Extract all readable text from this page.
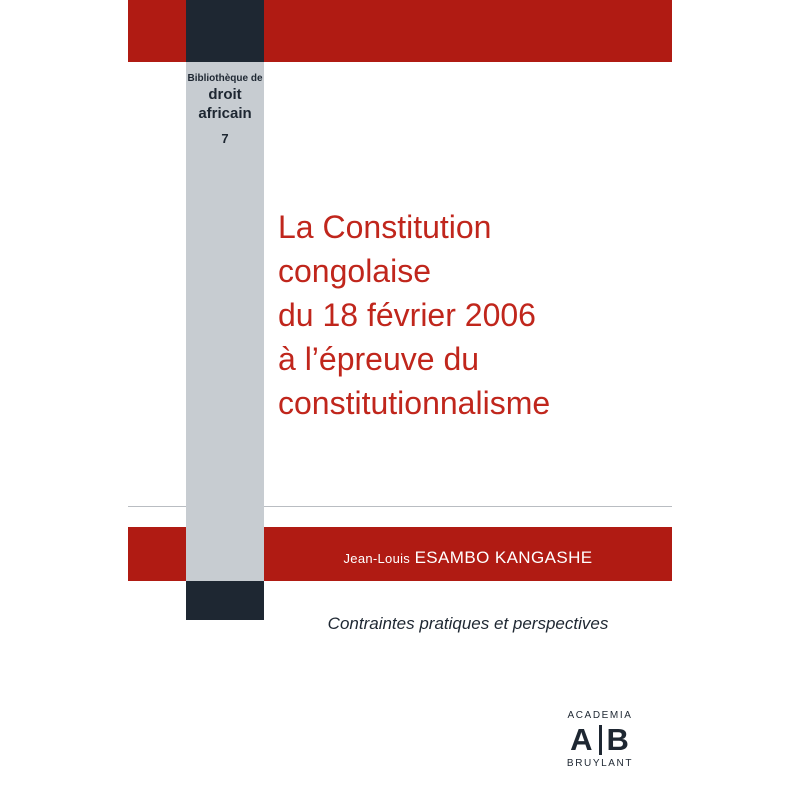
Bibliothèque de
droit
africain
7
La Constitution
congolaise
du 18 février 2006
à l’épreuve du
constitutionnalisme
Jean-Louis ESAMBO KANGASHE
Contraintes pratiques et perspectives
ACADEMIA
A B
BRUYLANT
